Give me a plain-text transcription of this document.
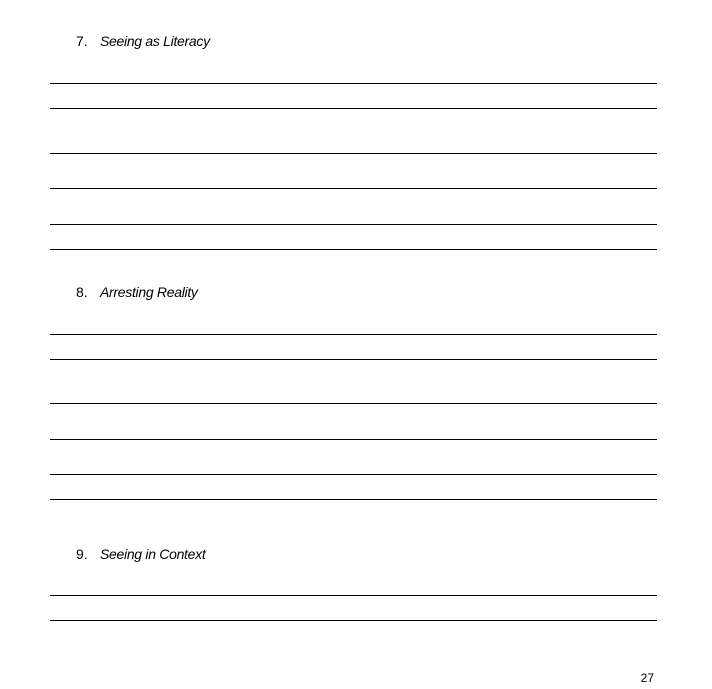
7. Seeing as Literacy
8. Arresting Reality
9. Seeing in Context
27
